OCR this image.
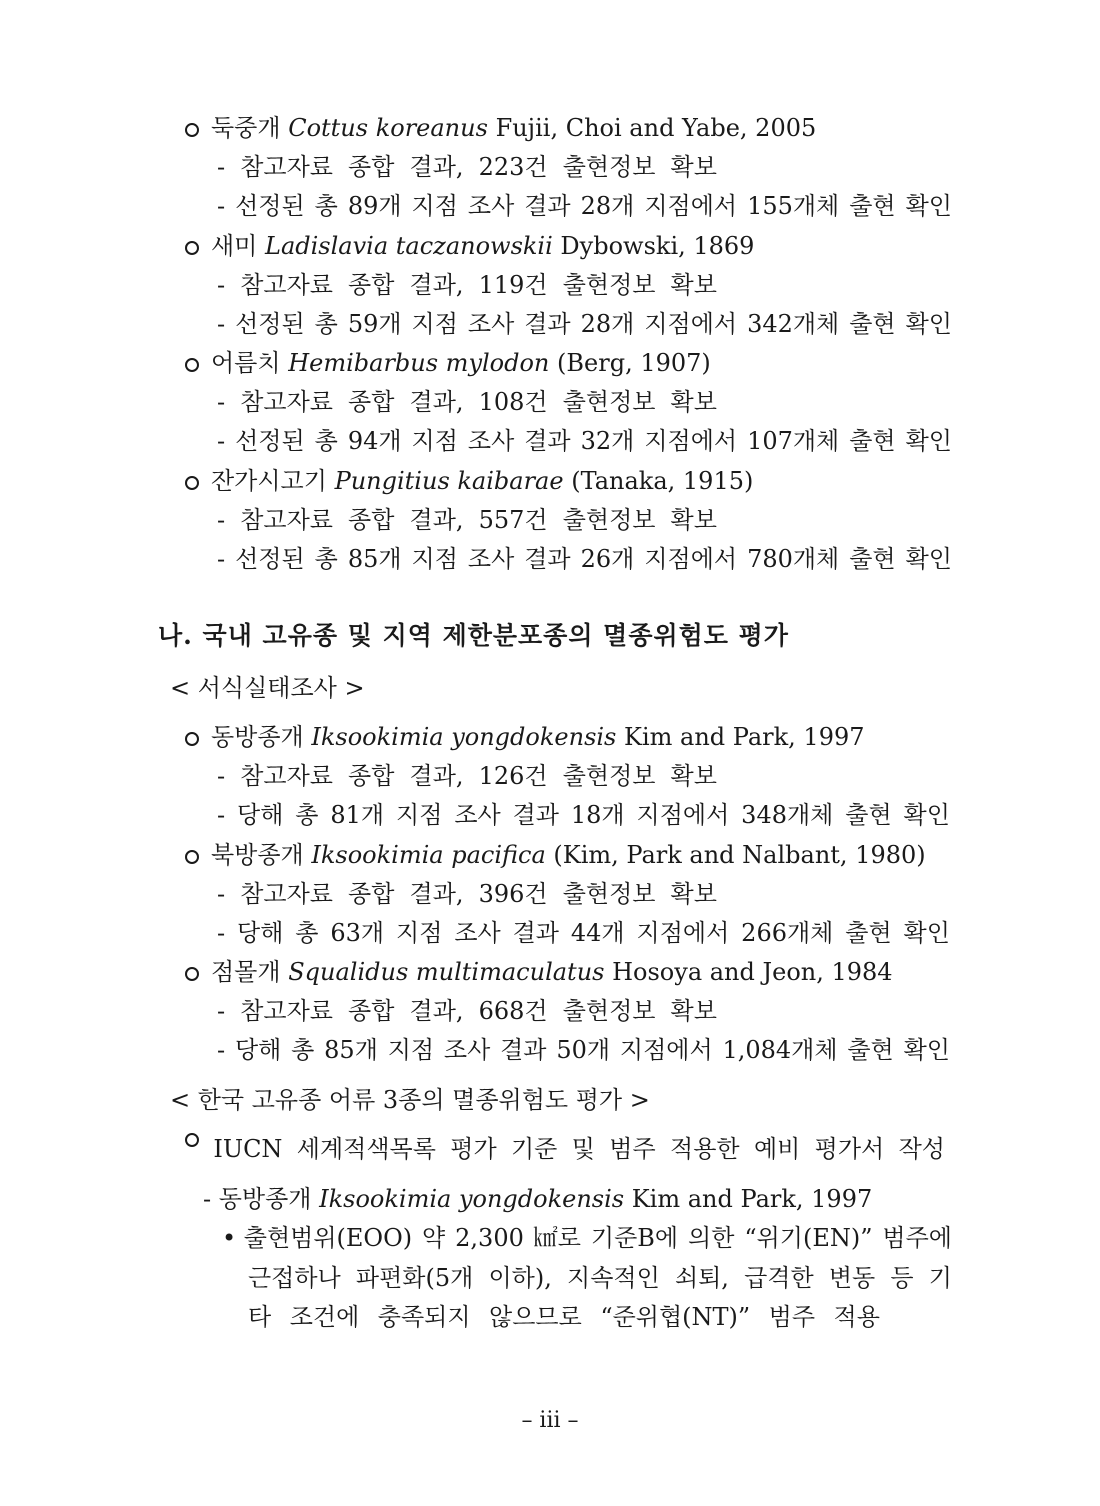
둑중개 Cottus koreanus Fujii, Choi and Yabe, 2005
- 참고자료 종합 결과, 223건 출현정보 확보
- 선정된 총 89개 지점 조사 결과 28개 지점에서 155개체 출현 확인
새미 Ladislavia taczanowskii Dybowski, 1869
- 참고자료 종합 결과, 119건 출현정보 확보
- 선정된 총 59개 지점 조사 결과 28개 지점에서 342개체 출현 확인
어름치 Hemibarbus mylodon (Berg, 1907)
- 참고자료 종합 결과, 108건 출현정보 확보
- 선정된 총 94개 지점 조사 결과 32개 지점에서 107개체 출현 확인
잔가시고기 Pungitius kaibarae (Tanaka, 1915)
- 참고자료 종합 결과, 557건 출현정보 확보
- 선정된 총 85개 지점 조사 결과 26개 지점에서 780개체 출현 확인
나. 국내 고유종 및 지역 제한분포종의 멸종위험도 평가
< 서식실태조사 >
동방종개 Iksookimia yongdokensis Kim and Park, 1997
- 참고자료 종합 결과, 126건 출현정보 확보
- 당해 총 81개 지점 조사 결과 18개 지점에서 348개체 출현 확인
북방종개 Iksookimia pacifica (Kim, Park and Nalbant, 1980)
- 참고자료 종합 결과, 396건 출현정보 확보
- 당해 총 63개 지점 조사 결과 44개 지점에서 266개체 출현 확인
점몰개 Squalidus multimaculatus Hosoya and Jeon, 1984
- 참고자료 종합 결과, 668건 출현정보 확보
- 당해 총 85개 지점 조사 결과 50개 지점에서 1,084개체 출현 확인
< 한국 고유종 어류 3종의 멸종위험도 평가 >
IUCN 세계적색목록 평가 기준 및 범주 적용한 예비 평가서 작성
- 동방종개 Iksookimia yongdokensis Kim and Park, 1997
• 출현범위(EOO) 약 2,300 ㎢로 기준B에 의한 “위기(EN)” 범주에
근접하나 파편화(5개 이하), 지속적인 쇠퇴, 급격한 변동 등 기
타 조건에 충족되지 않으므로 “준위협(NT)” 범주 적용
– iii –
